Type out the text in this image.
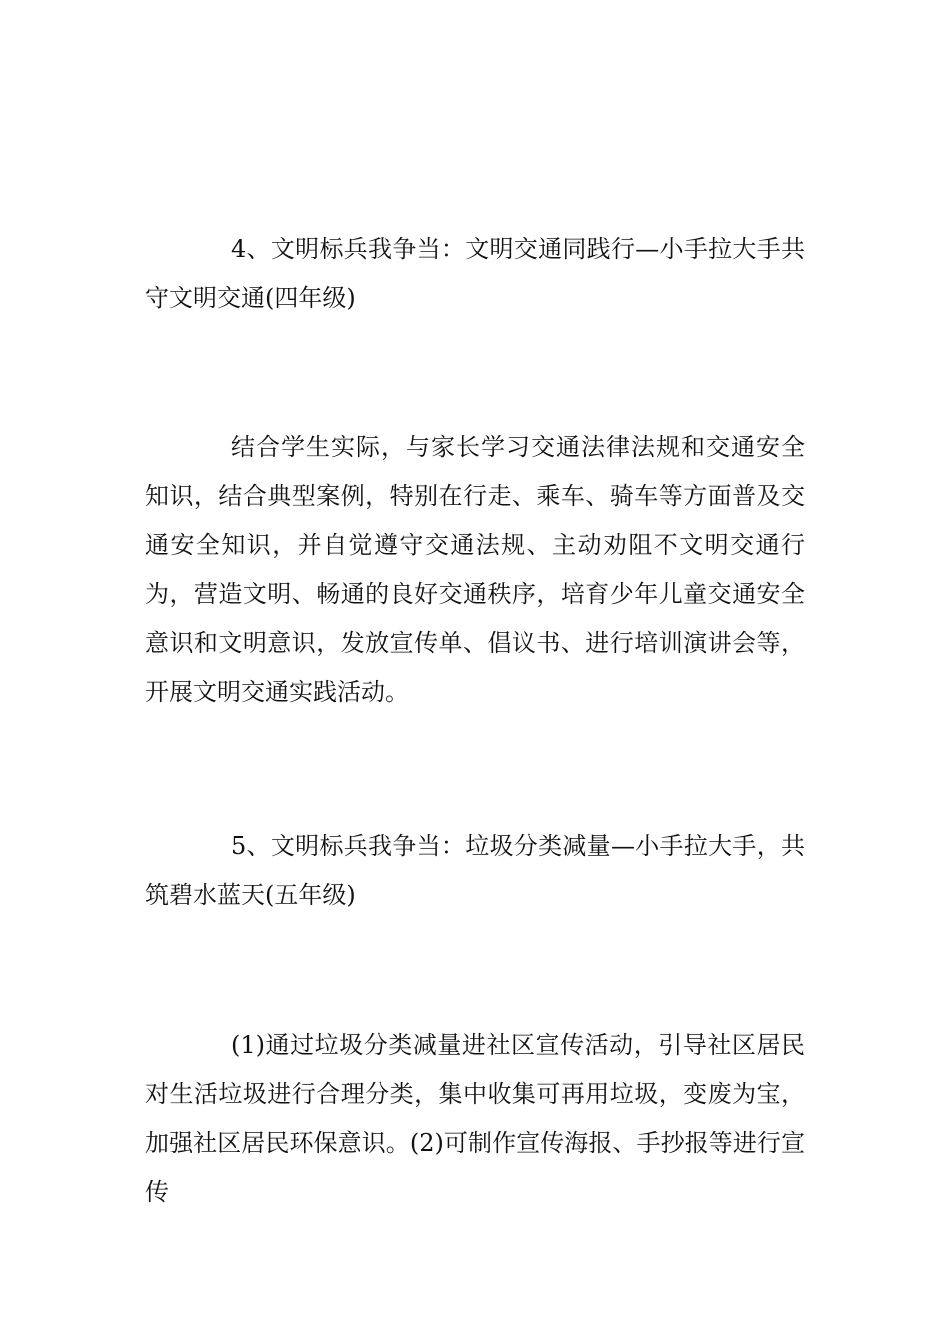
4、文明标兵我争当：文明交通同践行—小手拉大手共守文明交通(四年级)

结合学生实际，与家长学习交通法律法规和交通安全知识，结合典型案例，特别在行走、乘车、骑车等方面普及交通安全知识，并自觉遵守交通法规、主动劝阻不文明交通行为，营造文明、畅通的良好交通秩序，培育少年儿童交通安全意识和文明意识，发放宣传单、倡议书、进行培训演讲会等，开展文明交通实践活动。

5、文明标兵我争当：垃圾分类减量—小手拉大手，共筑碧水蓝天(五年级)

(1)通过垃圾分类减量进社区宣传活动，引导社区居民对生活垃圾进行合理分类，集中收集可再用垃圾，变废为宝，加强社区居民环保意识。(2)可制作宣传海报、手抄报等进行宣传
